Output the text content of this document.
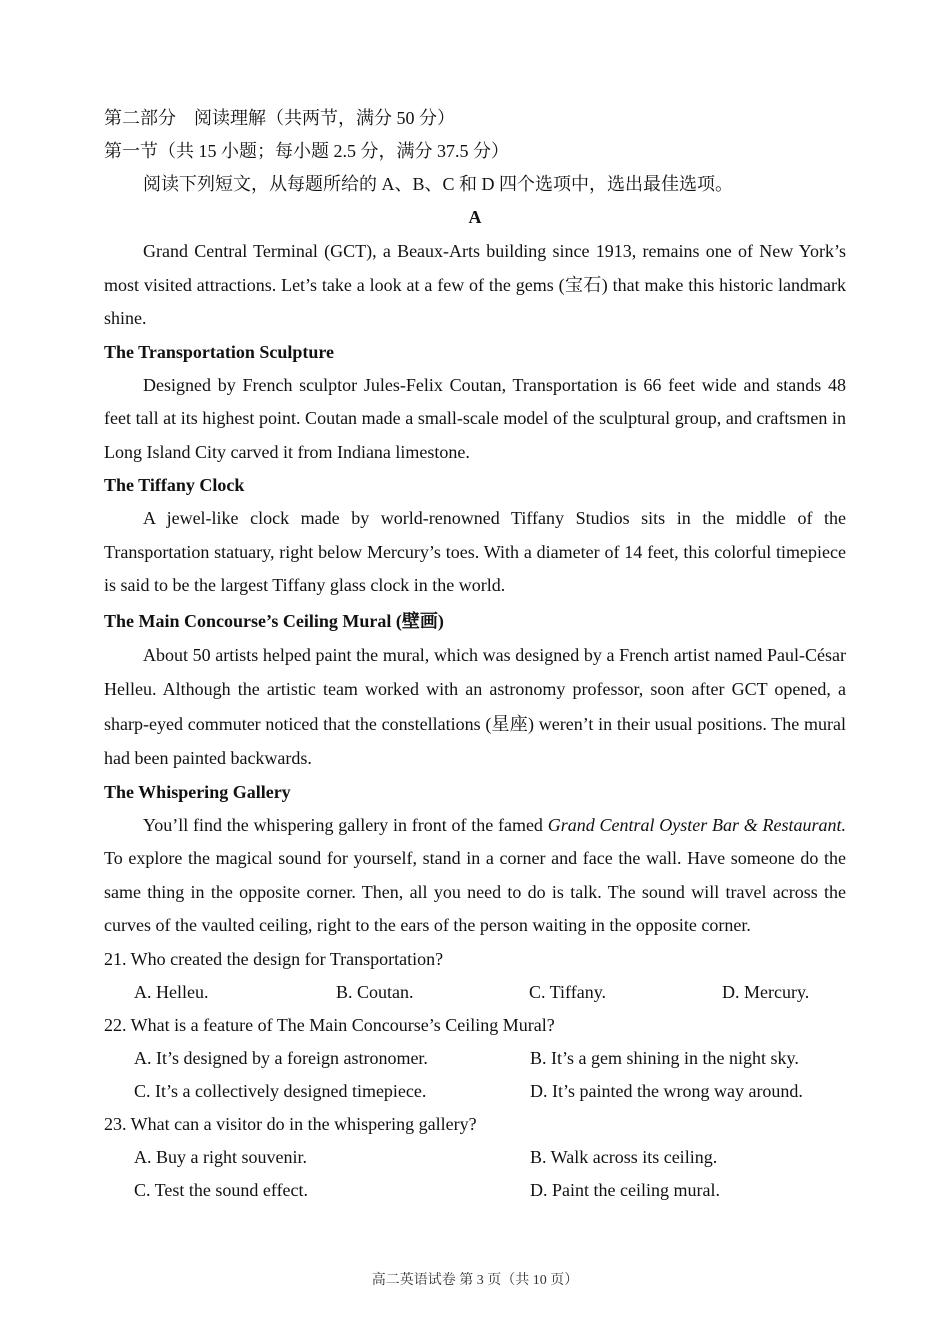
第二部分　阅读理解（共两节，满分 50 分）
第一节（共 15 小题；每小题 2.5 分，满分 37.5 分）
阅读下列短文，从每题所给的 A、B、C 和 D 四个选项中，选出最佳选项。
A
Grand Central Terminal (GCT), a Beaux-Arts building since 1913, remains one of New York’s most visited attractions. Let’s take a look at a few of the gems (宝石) that make this historic landmark shine.
The Transportation Sculpture
Designed by French sculptor Jules-Felix Coutan, Transportation is 66 feet wide and stands 48 feet tall at its highest point. Coutan made a small-scale model of the sculptural group, and craftsmen in Long Island City carved it from Indiana limestone.
The Tiffany Clock
A jewel-like clock made by world-renowned Tiffany Studios sits in the middle of the Transportation statuary, right below Mercury’s toes. With a diameter of 14 feet, this colorful timepiece is said to be the largest Tiffany glass clock in the world.
The Main Concourse’s Ceiling Mural (壁画)
About 50 artists helped paint the mural, which was designed by a French artist named Paul-César Helleu. Although the artistic team worked with an astronomy professor, soon after GCT opened, a sharp-eyed commuter noticed that the constellations (星座) weren’t in their usual positions. The mural had been painted backwards.
The Whispering Gallery
You’ll find the whispering gallery in front of the famed Grand Central Oyster Bar & Restaurant. To explore the magical sound for yourself, stand in a corner and face the wall. Have someone do the same thing in the opposite corner. Then, all you need to do is talk. The sound will travel across the curves of the vaulted ceiling, right to the ears of the person waiting in the opposite corner.
21. Who created the design for Transportation?
A. Helleu.	B. Coutan.	C. Tiffany.	D. Mercury.
22. What is a feature of The Main Concourse’s Ceiling Mural?
A. It’s designed by a foreign astronomer.	B. It’s a gem shining in the night sky.
C. It’s a collectively designed timepiece.	D. It’s painted the wrong way around.
23. What can a visitor do in the whispering gallery?
A. Buy a right souvenir.	B. Walk across its ceiling.
C. Test the sound effect.	D. Paint the ceiling mural.
高二英语试卷 第 3 页（共 10 页）
